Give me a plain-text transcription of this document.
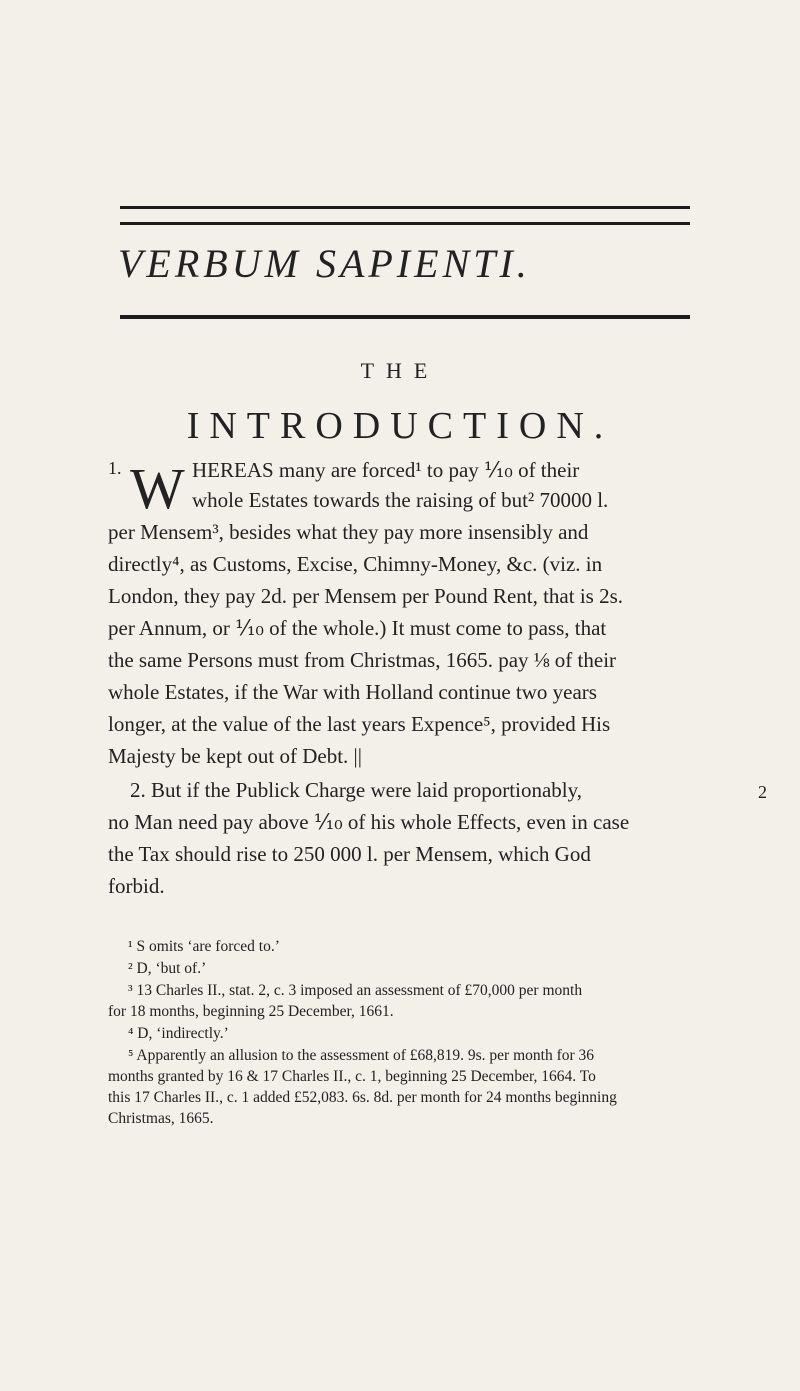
VERBUM SAPIENTI.
THE
INTRODUCTION.
1. W HEREAS many are forced¹ to pay ⅒ of their
whole Estates towards the raising of but² 70000 l.
per Mensem³, besides what they pay more insensibly and
directly⁴, as Customs, Excise, Chimny-Money, &c. (viz. in
London, they pay 2d. per Mensem per Pound Rent, that is 2s.
per Annum, or ⅒ of the whole.) It must come to pass, that
the same Persons must from Christmas, 1665. pay ⅛ of their
whole Estates, if the War with Holland continue two years
longer, at the value of the last years Expence⁵, provided His
Majesty be kept out of Debt. ||
2. But if the Publick Charge were laid proportionably,	2
no Man need pay above ⅒ of his whole Effects, even in case
the Tax should rise to 250 000 l. per Mensem, which God
forbid.
¹ S omits ‘are forced to.’
² D, ‘but of.’
³ 13 Charles II., stat. 2, c. 3 imposed an assessment of £70,000 per month
for 18 months, beginning 25 December, 1661.
⁴ D, ‘indirectly.’
⁵ Apparently an allusion to the assessment of £68,819. 9s. per month for 36
months granted by 16 & 17 Charles II., c. 1, beginning 25 December, 1664. To
this 17 Charles II., c. 1 added £52,083. 6s. 8d. per month for 24 months beginning
Christmas, 1665.
